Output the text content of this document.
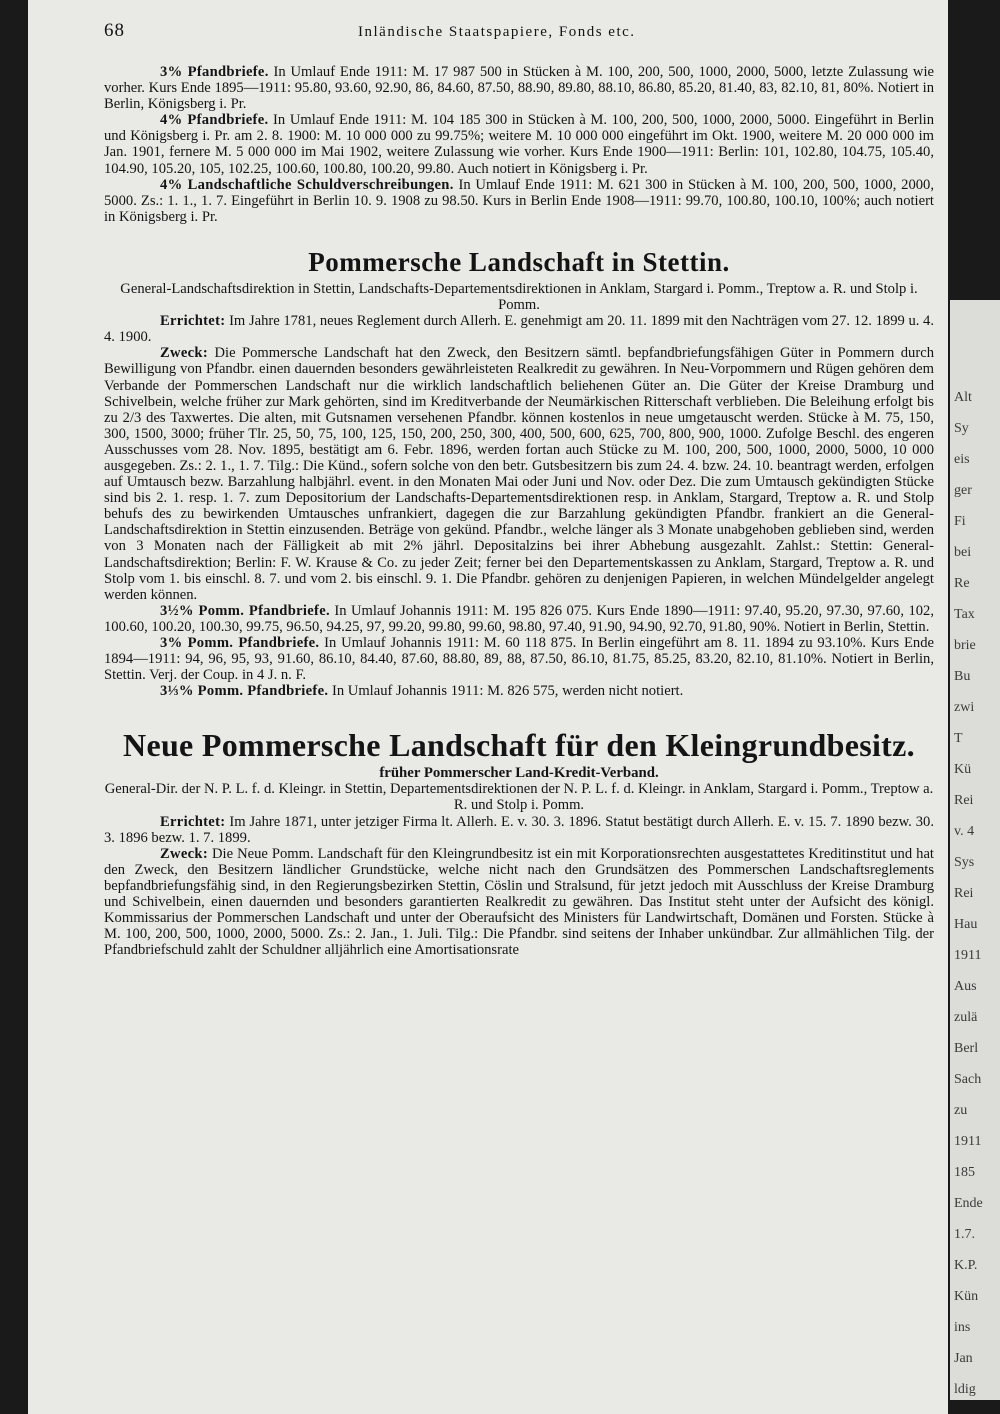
68	Inländische Staatspapiere, Fonds etc.

3% Pfandbriefe. In Umlauf Ende 1911: M. 17 987 500 in Stücken à M. 100, 200, 500, 1000, 2000, 5000, letzte Zulassung wie vorher. Kurs Ende 1895—1911: 95.80, 93.60, 92.90, 86, 84.60, 87.50, 88.90, 89.80, 88.10, 86.80, 85.20, 81.40, 83, 82.10, 81, 80%. Notiert in Berlin, Königsberg i. Pr.

4% Pfandbriefe. In Umlauf Ende 1911: M. 104 185 300 in Stücken à M. 100, 200, 500, 1000, 2000, 5000. Eingeführt in Berlin und Königsberg i. Pr. am 2. 8. 1900: M. 10 000 000 zu 99.75%; weitere M. 10 000 000 eingeführt im Okt. 1900, weitere M. 20 000 000 im Jan. 1901, fernere M. 5 000 000 im Mai 1902, weitere Zulassung wie vorher. Kurs Ende 1900—1911: Berlin: 101, 102.80, 104.75, 105.40, 104.90, 105.20, 105, 102.25, 100.60, 100.80, 100.20, 99.80. Auch notiert in Königsberg i. Pr.

4% Landschaftliche Schuldverschreibungen. In Umlauf Ende 1911: M. 621 300 in Stücken à M. 100, 200, 500, 1000, 2000, 5000. Zs.: 1. 1., 1. 7. Eingeführt in Berlin 10. 9. 1908 zu 98.50. Kurs in Berlin Ende 1908—1911: 99.70, 100.80, 100.10, 100%; auch notiert in Königsberg i. Pr.

Pommersche Landschaft in Stettin.

General-Landschaftsdirektion in Stettin, Landschafts-Departementsdirektionen in Anklam, Stargard i. Pomm., Treptow a. R. und Stolp i. Pomm.

Errichtet: Im Jahre 1781, neues Reglement durch Allerh. E. genehmigt am 20. 11. 1899 mit den Nachträgen vom 27. 12. 1899 u. 4. 4. 1900.

Zweck: Die Pommersche Landschaft hat den Zweck, den Besitzern sämtl. bepfandbriefungsfähigen Güter in Pommern durch Bewilligung von Pfandbr. einen dauernden besonders gewährleisteten Realkredit zu gewähren. In Neu-Vorpommern und Rügen gehören dem Verbande der Pommerschen Landschaft nur die wirklich landschaftlich beliehenen Güter an. Die Güter der Kreise Dramburg und Schivelbein, welche früher zur Mark gehörten, sind im Kreditverbande der Neumärkischen Ritterschaft verblieben. Die Beleihung erfolgt bis zu 2/3 des Taxwertes. Die alten, mit Gutsnamen versehenen Pfandbr. können kostenlos in neue umgetauscht werden. Stücke à M. 75, 150, 300, 1500, 3000; früher Tlr. 25, 50, 75, 100, 125, 150, 200, 250, 300, 400, 500, 600, 625, 700, 800, 900, 1000. Zufolge Beschl. des engeren Ausschusses vom 28. Nov. 1895, bestätigt am 6. Febr. 1896, werden fortan auch Stücke zu M. 100, 200, 500, 1000, 2000, 5000, 10 000 ausgegeben. Zs.: 2. 1., 1. 7. Tilg.: Die Künd., sofern solche von den betr. Gutsbesitzern bis zum 24. 4. bzw. 24. 10. beantragt werden, erfolgen auf Umtausch bezw. Barzahlung halbjährl. event. in den Monaten Mai oder Juni und Nov. oder Dez. Die zum Umtausch gekündigten Stücke sind bis 2. 1. resp. 1. 7. zum Depositorium der Landschafts-Departementsdirektionen resp. in Anklam, Stargard, Treptow a. R. und Stolp behufs des zu bewirkenden Umtausches unfrankiert, dagegen die zur Barzahlung gekündigten Pfandbr. frankiert an die General-Landschaftsdirektion in Stettin einzusenden. Beträge von gekünd. Pfandbr., welche länger als 3 Monate unabgehoben geblieben sind, werden von 3 Monaten nach der Fälligkeit ab mit 2% jährl. Depositalzins bei ihrer Abhebung ausgezahlt. Zahlst.: Stettin: General-Landschaftsdirektion; Berlin: F. W. Krause & Co. zu jeder Zeit; ferner bei den Departementskassen zu Anklam, Stargard, Treptow a. R. und Stolp vom 1. bis einschl. 8. 7. und vom 2. bis einschl. 9. 1. Die Pfandbr. gehören zu denjenigen Papieren, in welchen Mündelgelder angelegt werden können.

3½% Pomm. Pfandbriefe. In Umlauf Johannis 1911: M. 195 826 075. Kurs Ende 1890—1911: 97.40, 95.20, 97.30, 97.60, 102, 100.60, 100.20, 100.30, 99.75, 96.50, 94.25, 97, 99.20, 99.80, 99.60, 98.80, 97.40, 91.90, 94.90, 92.70, 91.80, 90%. Notiert in Berlin, Stettin.

3% Pomm. Pfandbriefe. In Umlauf Johannis 1911: M. 60 118 875. In Berlin eingeführt am 8. 11. 1894 zu 93.10%. Kurs Ende 1894—1911: 94, 96, 95, 93, 91.60, 86.10, 84.40, 87.60, 88.80, 89, 88, 87.50, 86.10, 81.75, 85.25, 83.20, 82.10, 81.10%. Notiert in Berlin, Stettin. Verj. der Coup. in 4 J. n. F.

3⅓% Pomm. Pfandbriefe. In Umlauf Johannis 1911: M. 826 575, werden nicht notiert.

Neue Pommersche Landschaft für den Kleingrundbesitz.
früher Pommerscher Land-Kredit-Verband.

General-Dir. der N. P. L. f. d. Kleingr. in Stettin, Departementsdirektionen der N. P. L. f. d. Kleingr. in Anklam, Stargard i. Pomm., Treptow a. R. und Stolp i. Pomm.

Errichtet: Im Jahre 1871, unter jetziger Firma lt. Allerh. E. v. 30. 3. 1896. Statut bestätigt durch Allerh. E. v. 15. 7. 1890 bezw. 30. 3. 1896 bezw. 1. 7. 1899.

Zweck: Die Neue Pomm. Landschaft für den Kleingrundbesitz ist ein mit Korporationsrechten ausgestattetes Kreditinstitut und hat den Zweck, den Besitzern ländlicher Grundstücke, welche nicht nach den Grundsätzen des Pommerschen Landschaftsreglements bepfandbriefungsfähig sind, in den Regierungsbezirken Stettin, Cöslin und Stralsund, für jetzt jedoch mit Ausschluss der Kreise Dramburg und Schivelbein, einen dauernden und besonders garantierten Realkredit zu gewähren. Das Institut steht unter der Aufsicht des königl. Kommissarius der Pommerschen Landschaft und unter der Oberaufsicht des Ministers für Landwirtschaft, Domänen und Forsten. Stücke à M. 100, 200, 500, 1000, 2000, 5000. Zs.: 2. Jan., 1. Juli. Tilg.: Die Pfandbr. sind seitens der Inhaber unkündbar. Zur allmählichen Tilg. der Pfandbriefschuld zahlt der Schuldner alljährlich eine Amortisationsrate

Alt
Sy
eis
ger
Fi
bei
Re
Tax
brie
Bu
zwi
T
Kü
Rei
v. 4
Sys
Rei
Hau
1911
Aus
zulä
Berl
Sach
zu
1911
185
Ende
1.7.
K.P.
Kün
ins
Jan
ldig
